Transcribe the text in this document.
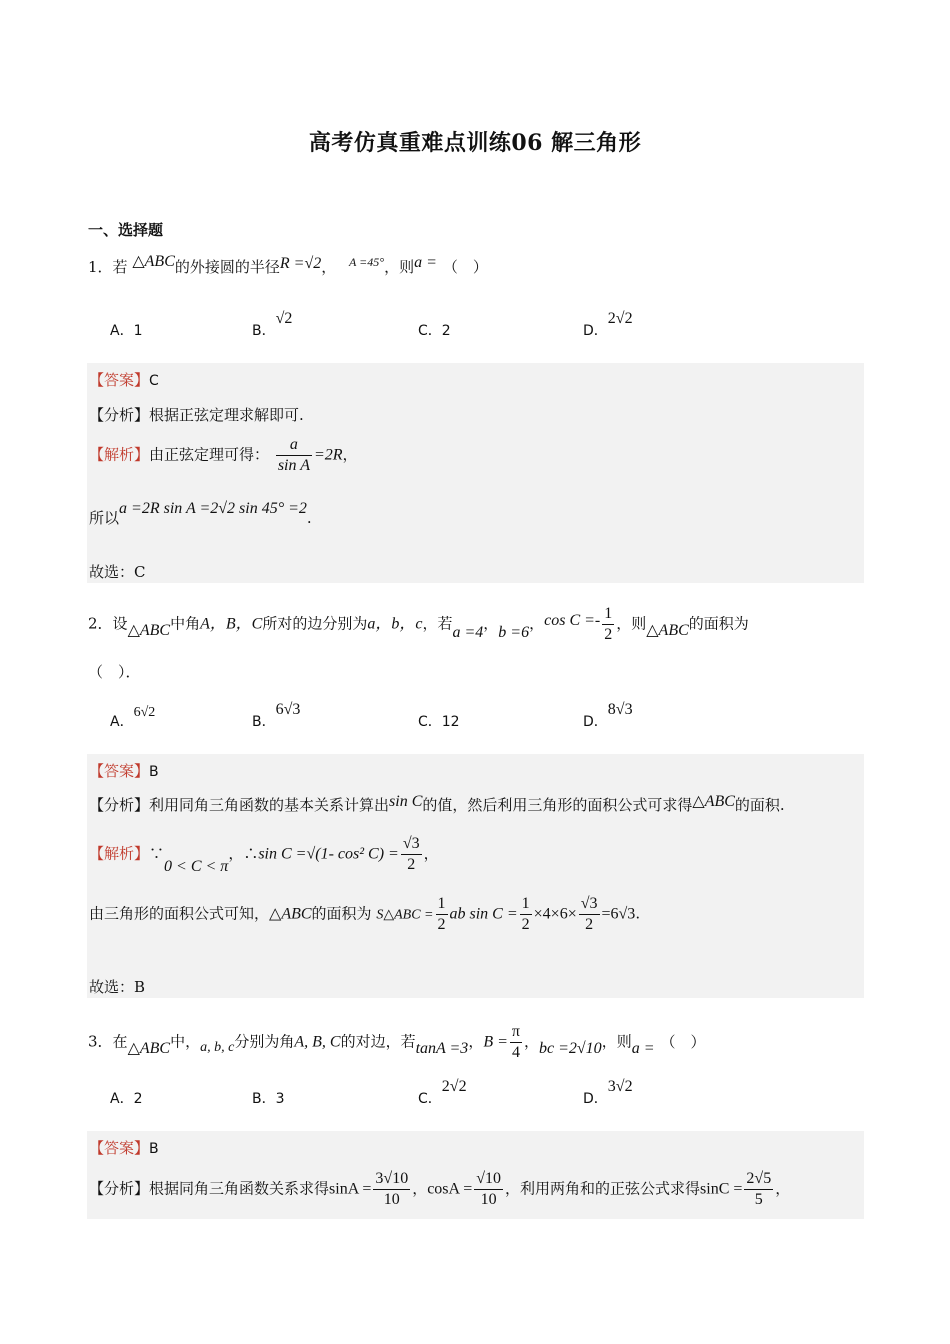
高考仿真重难点训练06 解三角形
一、选择题
1．若 △ABC的外接圆的半径R =√2， $^{A =45^\circ}$，则a = （　）
A．1	B．√2
C．2	D．2√2
【答案】C
【分析】根据正弦定理求解即可.
【解析】由正弦定理可得： $\frac{a}{\text{sin A}} =2R$，
所以a =2R sin A =2√2 sin 45° =2.
故选：C
2．设△ABC中角A，B，C所对的边分别为a，b，c，若a =4，b =6，$\cos C =- \frac{1}{2}$ ，则△ABC的面积为
（　）．
A．6√2
B．6√3
C．12	D．8√3
【答案】B
【分析】利用同角三角函数的基本关系计算出sin C的值，然后利用三角形的面积公式可求得△ABC的面积.
【解析】∵0 < C < π，∴sin C =√(1- cos² $C) = \frac{√3}{2}$ ，
由三角形的面积公式可知，△ABC的面积为 S△ABC = $\frac{1}{2}$ ab $\sin C = \frac{1}{2} \times 4\times 6\times \frac{√3}{2} =6√3$.
故选：B
3．在△ABC中，a, b, c分别为角A, B, C的对边，若tanA =3，$B = \frac{\pi}{4}$ ，bc =2√10，则a = （　）
A．2	B．3	C．2√2
D．3√2
【答案】B
【分析】根据同角三角函数关系求得$\sin A = \frac{3√10}{10}$ ，$\cos A = \frac{√10}{10}$ ，利用两角和的正弦公式求得$\sin C = \frac{2√5}{5}$ ，
